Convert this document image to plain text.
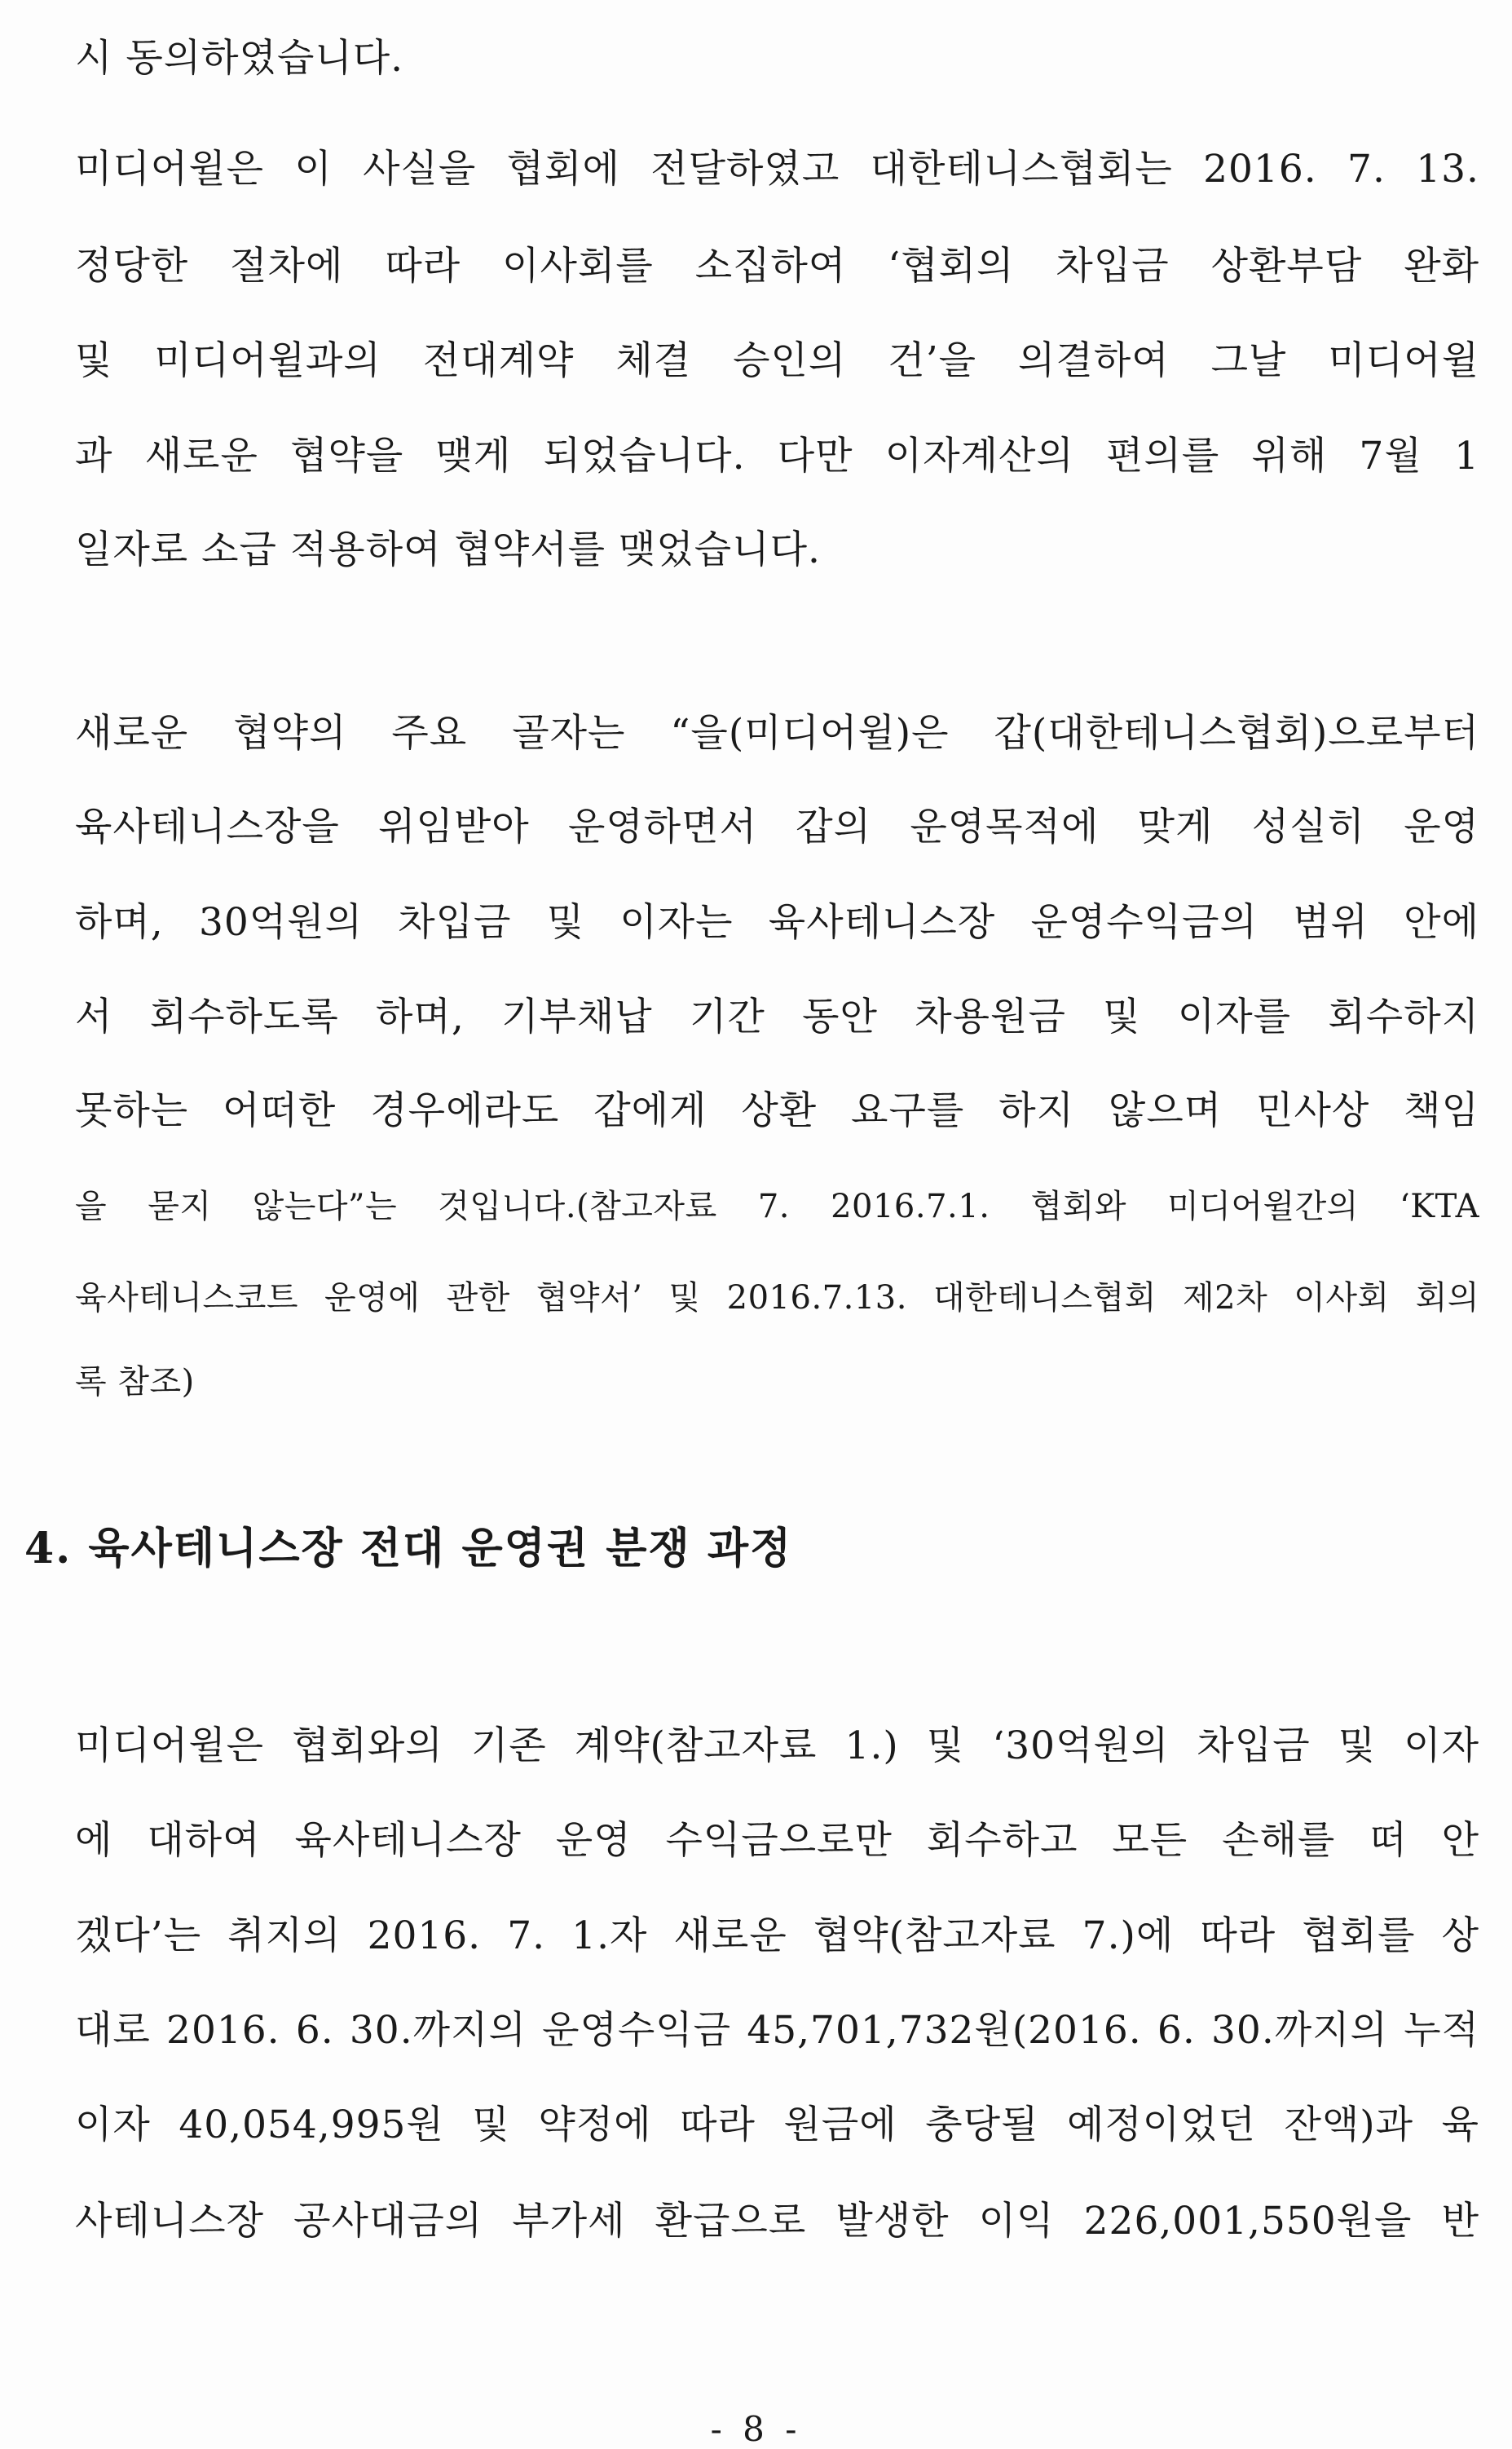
시 동의하였습니다.
미디어윌은 이 사실을 협회에 전달하였고 대한테니스협회는 2016. 7. 13.
정당한 절차에 따라 이사회를 소집하여 ‘협회의 차입금 상환부담 완화
및 미디어윌과의 전대계약 체결 승인의 건’을 의결하여 그날 미디어윌
과 새로운 협약을 맺게 되었습니다. 다만 이자계산의 편의를 위해 7월 1
일자로 소급 적용하여 협약서를 맺었습니다.
새로운 협약의 주요 골자는 “을(미디어윌)은 갑(대한테니스협회)으로부터
육사테니스장을 위임받아 운영하면서 갑의 운영목적에 맞게 성실히 운영
하며, 30억원의 차입금 및 이자는 육사테니스장 운영수익금의 범위 안에
서 회수하도록 하며, 기부채납 기간 동안 차용원금 및 이자를 회수하지
못하는 어떠한 경우에라도 갑에게 상환 요구를 하지 않으며 민사상 책임
을 묻지 않는다”는 것입니다.(참고자료 7. 2016.7.1. 협회와 미디어윌간의 ‘KTA
육사테니스코트 운영에 관한 협약서’ 및 2016.7.13. 대한테니스협회 제2차 이사회 회의
록 참조)
4. 육사테니스장 전대 운영권 분쟁 과정
미디어윌은 협회와의 기존 계약(참고자료 1.) 및 ‘30억원의 차입금 및 이자
에 대하여 육사테니스장 운영 수익금으로만 회수하고 모든 손해를 떠 안
겠다’는 취지의 2016. 7. 1.자 새로운 협약(참고자료 7.)에 따라 협회를 상
대로 2016. 6. 30.까지의 운영수익금 45,701,732원(2016. 6. 30.까지의 누적
이자 40,054,995원 및 약정에 따라 원금에 충당될 예정이었던 잔액)과 육
사테니스장 공사대금의 부가세 환급으로 발생한 이익 226,001,550원을 반
- 8 -
